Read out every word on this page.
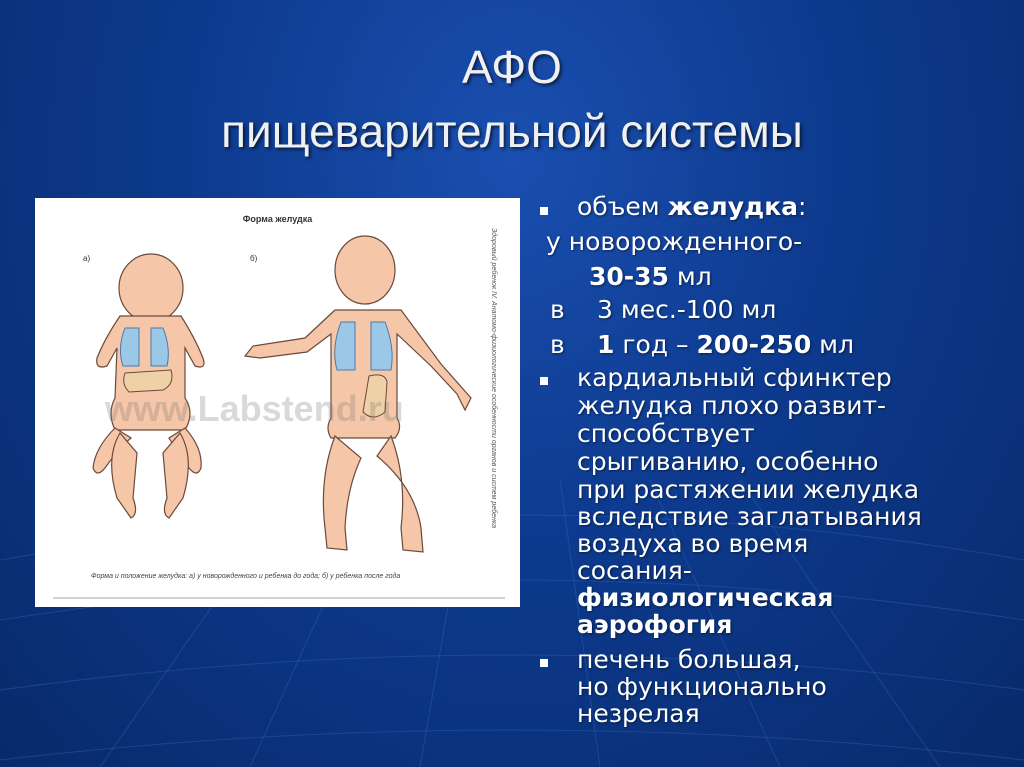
АФО
пищеварительной системы
Форма желудка
а)	б)
www.Labstend.ru
Форма и положение желудка: а) у новорожденного и ребенка до года; б) у ребенка после года
Здоровый ребенок IV. Анатомо-физиологические особенности органов и систем ребенка
объем желудка:
у новорожденного-
30-35 мл
в 3 мес.-100 мл
в 1 год – 200-250 мл
кардиальный сфинктер
желудка плохо развит-
способствует
срыгиванию, особенно
при растяжении желудка
вследствие заглатывания
воздуха во время
сосания-
физиологическая
аэрофогия
печень большая,
но функционально
незрелая
